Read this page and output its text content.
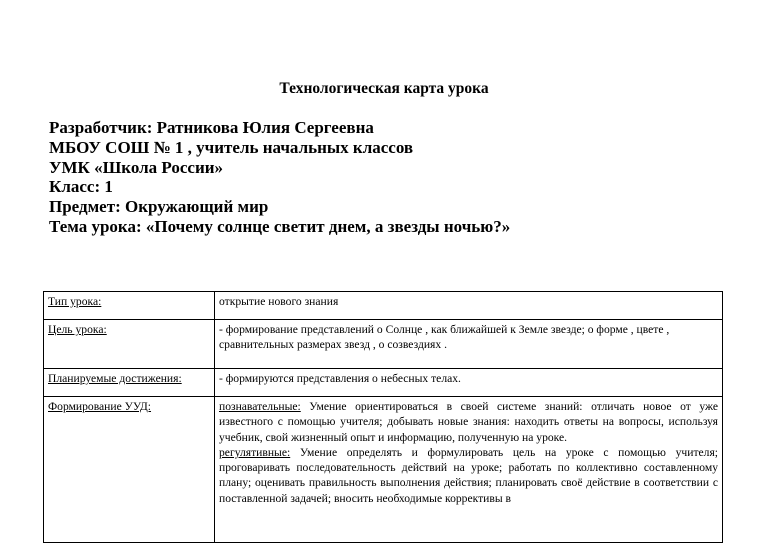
Технологическая карта урока
Разработчик: Ратникова Юлия Сергеевна
МБОУ СОШ № 1 , учитель начальных классов
УМК «Школа России»
Класс: 1
Предмет: Окружающий мир
Тема урока: «Почему солнце светит днем, а звезды ночью?»
Тип урока:	открытие нового знания
Цель урока:	- формирование представлений о Солнце , как ближайшей к Земле звезде; о форме , цвете , сравнительных размерах звезд , о созвездиях .
Планируемые достижения:	- формируются представления о небесных телах.
Формирование УУД:	познавательные: Умение ориентироваться в своей системе знаний: отличать новое от уже известного с помощью учителя; добывать новые знания: находить ответы на вопросы, используя учебник, свой жизненный опыт и информацию, полученную на уроке.
регулятивные: Умение определять и формулировать цель на уроке с помощью учителя; проговаривать последовательность действий на уроке; работать по коллективно составленному плану; оценивать правильность выполнения действия; планировать своё действие в соответствии с поставленной задачей; вносить необходимые коррективы в
